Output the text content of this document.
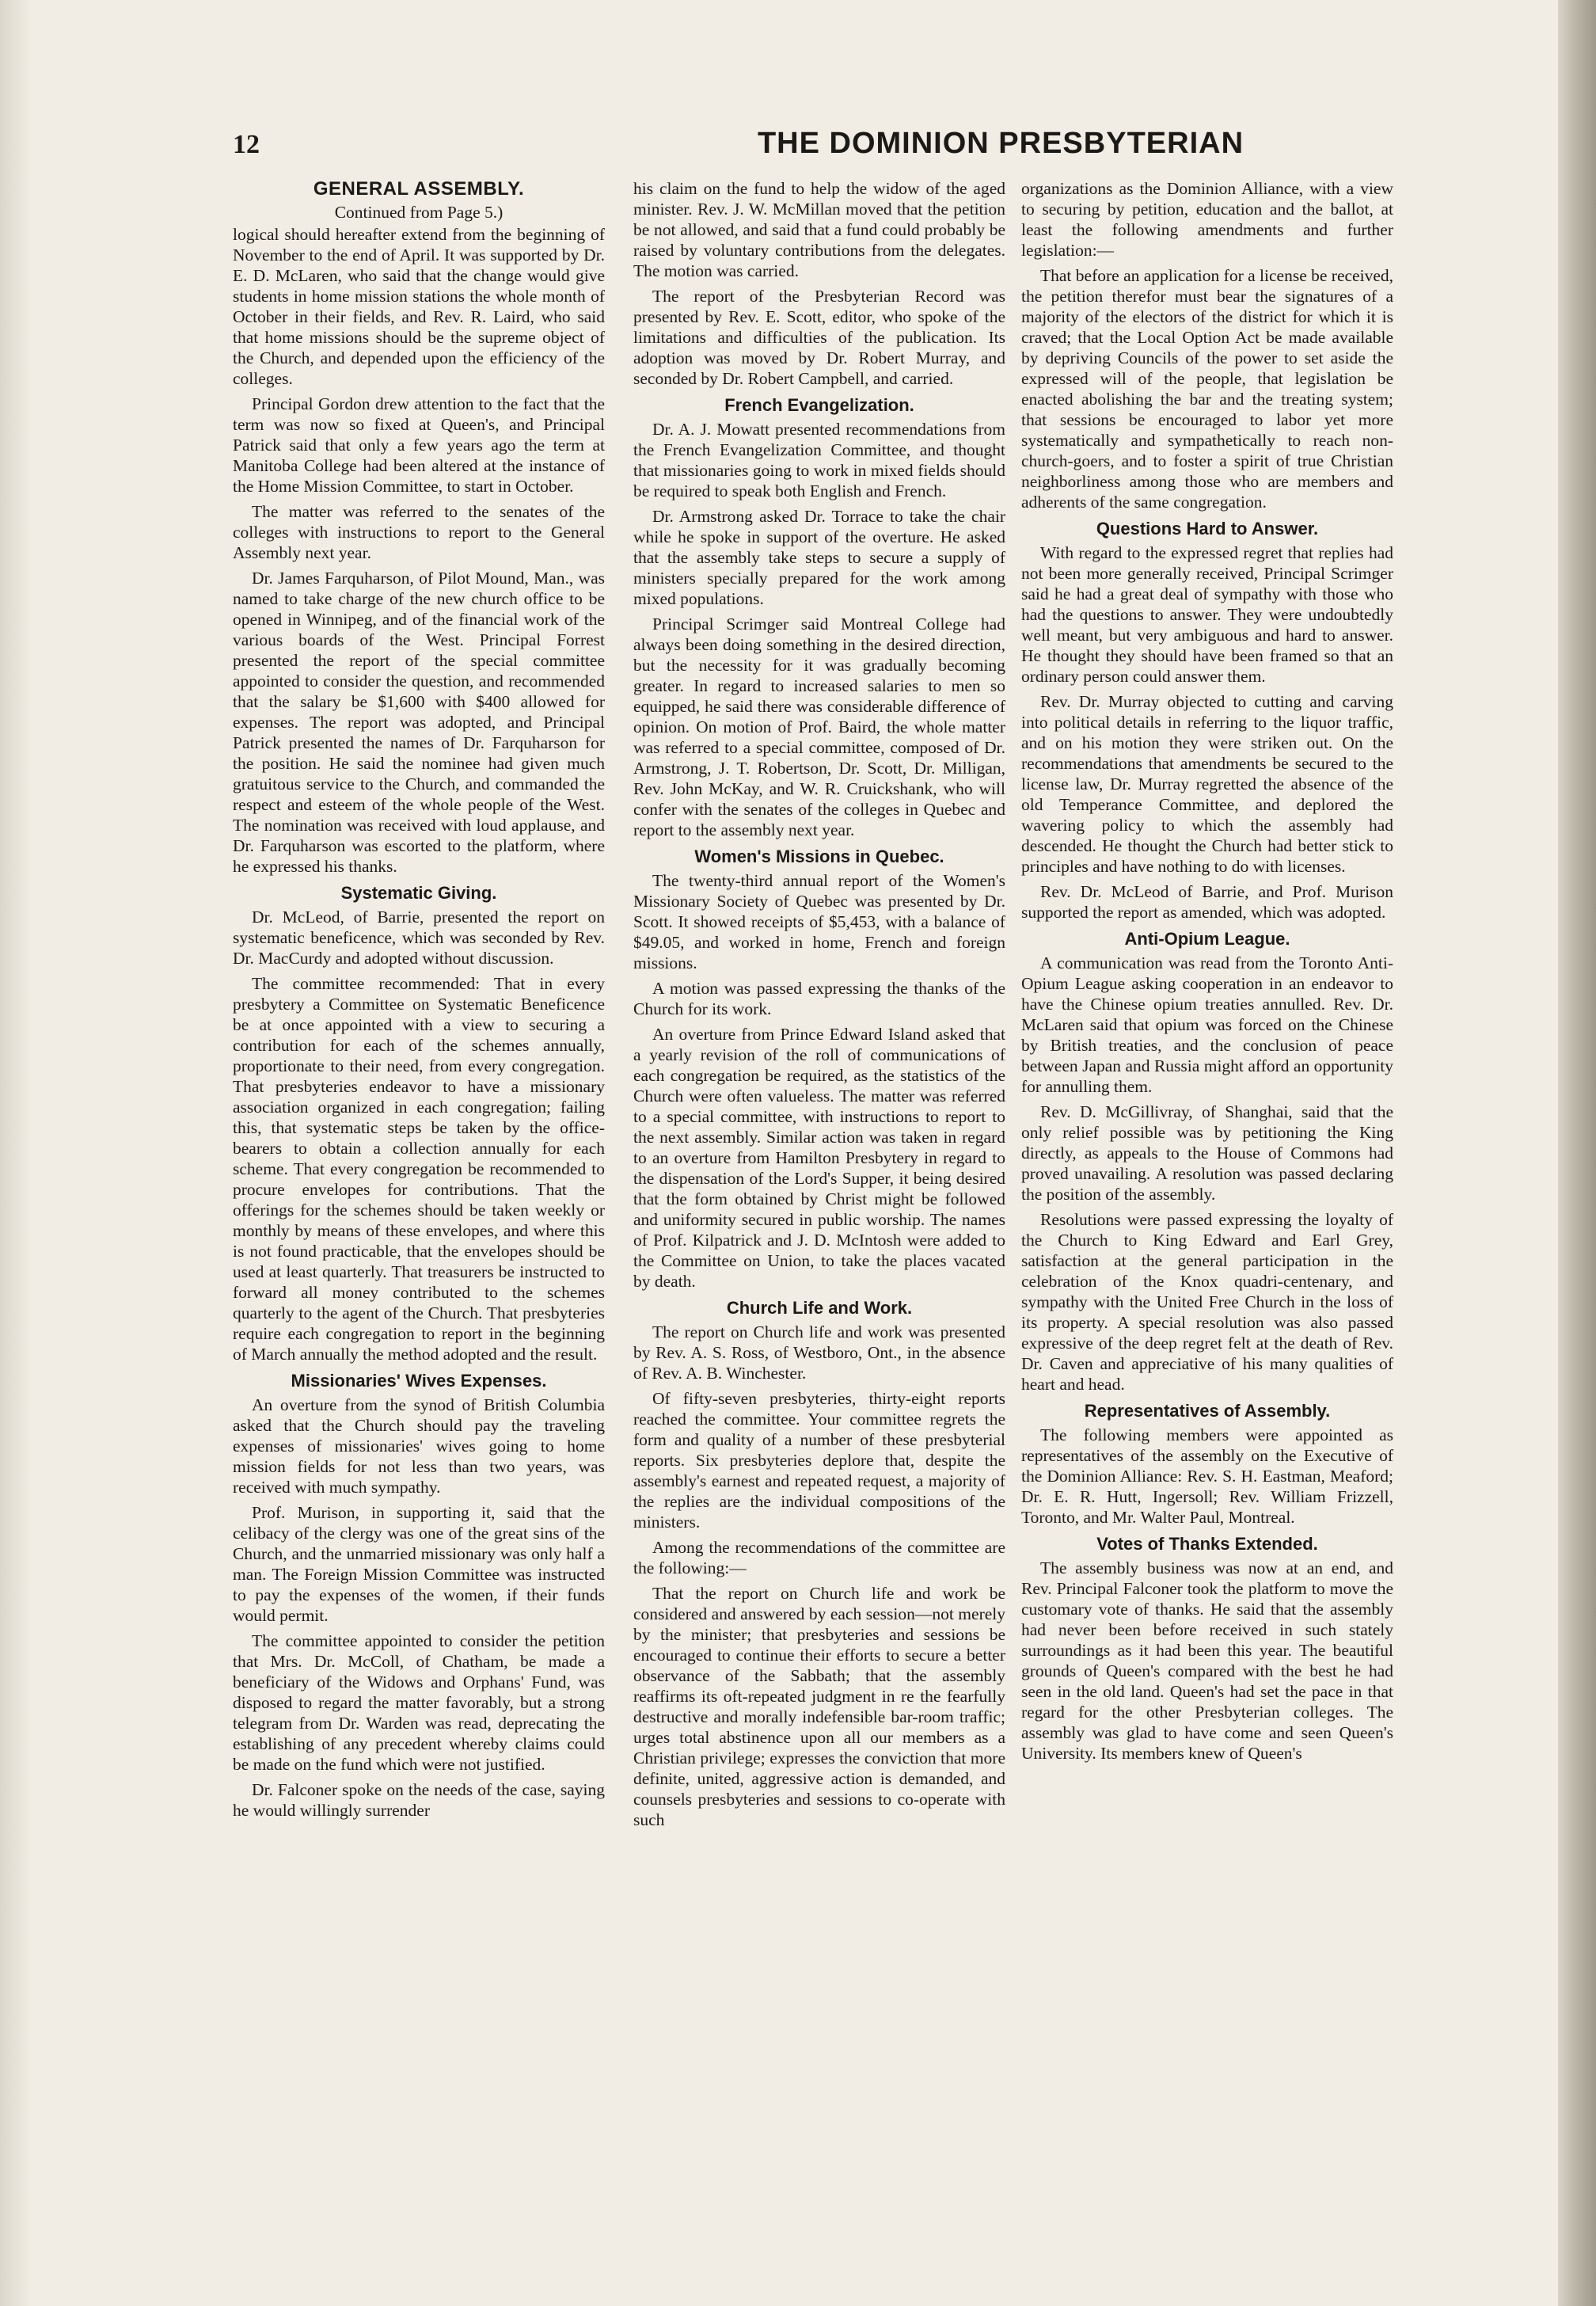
12	THE DOMINION PRESBYTERIAN
GENERAL ASSEMBLY.
Continued from Page 5.)

logical should hereafter extend from the beginning of November to the end of April. It was supported by Dr. E. D. McLaren, who said that the change would give students in home mission stations the whole month of October in their fields, and Rev. R. Laird, who said that home missions should be the supreme object of the Church, and depended upon the efficiency of the colleges.

Principal Gordon drew attention to the fact that the term was now so fixed at Queen's, and Principal Patrick said that only a few years ago the term at Manitoba College had been altered at the instance of the Home Mission Committee, to start in October.

The matter was referred to the senates of the colleges with instructions to report to the General Assembly next year.

Dr. James Farquharson, of Pilot Mound, Man., was named to take charge of the new church office to be opened in Winnipeg, and of the financial work of the various boards of the West. Principal Forrest presented the report of the special committee appointed to consider the question, and recommended that the salary be $1,600 with $400 allowed for expenses. The report was adopted, and Principal Patrick presented the names of Dr. Farquharson for the position. He said the nominee had given much gratuitous service to the Church, and commanded the respect and esteem of the whole people of the West. The nomination was received with loud applause, and Dr. Farquharson was escorted to the platform, where he expressed his thanks.

Systematic Giving.

Dr. McLeod, of Barrie, presented the report on systematic beneficence, which was seconded by Rev. Dr. MacCurdy and adopted without discussion.

The committee recommended: That in every presbytery a Committee on Systematic Beneficence be at once appointed with a view to securing a contribution for each of the schemes annually, proportionate to their need, from every congregation. That presbyteries endeavor to have a missionary association organized in each congregation; failing this, that systematic steps be taken by the office-bearers to obtain a collection annually for each scheme. That every congregation be recommended to procure envelopes for contributions. That the offerings for the schemes should be taken weekly or monthly by means of these envelopes, and where this is not found practicable, that the envelopes should be used at least quarterly. That treasurers be instructed to forward all money contributed to the schemes quarterly to the agent of the Church. That presbyteries require each congregation to report in the beginning of March annually the method adopted and the result.

Missionaries' Wives Expenses.

An overture from the synod of British Columbia asked that the Church should pay the traveling expenses of missionaries' wives going to home mission fields for not less than two years, was received with much sympathy.

Prof. Murison, in supporting it, said that the celibacy of the clergy was one of the great sins of the Church, and the unmarried missionary was only half a man. The Foreign Mission Committee was instructed to pay the expenses of the women, if their funds would permit.

The committee appointed to consider the petition that Mrs. Dr. McColl, of Chatham, be made a beneficiary of the Widows and Orphans' Fund, was disposed to regard the matter favorably, but a strong telegram from Dr. Warden was read, deprecating the establishing of any precedent whereby claims could be made on the fund which were not justified.

Dr. Falconer spoke on the needs of the case, saying he would willingly surrender

his claim on the fund to help the widow of the aged minister. Rev. J. W. McMillan moved that the petition be not allowed, and said that a fund could probably be raised by voluntary contributions from the delegates. The motion was carried.

The report of the Presbyterian Record was presented by Rev. E. Scott, editor, who spoke of the limitations and difficulties of the publication. Its adoption was moved by Dr. Robert Murray, and seconded by Dr. Robert Campbell, and carried.

French Evangelization.

Dr. A. J. Mowatt presented recommendations from the French Evangelization Committee, and thought that missionaries going to work in mixed fields should be required to speak both English and French.

Dr. Armstrong asked Dr. Torrace to take the chair while he spoke in support of the overture. He asked that the assembly take steps to secure a supply of ministers specially prepared for the work among mixed populations.

Principal Scrimger said Montreal College had always been doing something in the desired direction, but the necessity for it was gradually becoming greater. In regard to increased salaries to men so equipped, he said there was considerable difference of opinion. On motion of Prof. Baird, the whole matter was referred to a special committee, composed of Dr. Armstrong, J. T. Robertson, Dr. Scott, Dr. Milligan, Rev. John McKay, and W. R. Cruickshank, who will confer with the senates of the colleges in Quebec and report to the assembly next year.

Women's Missions in Quebec.

The twenty-third annual report of the Women's Missionary Society of Quebec was presented by Dr. Scott. It showed receipts of $5,453, with a balance of $49.05, and worked in home, French and foreign missions.

A motion was passed expressing the thanks of the Church for its work.

An overture from Prince Edward Island asked that a yearly revision of the roll of communications of each congregation be required, as the statistics of the Church were often valueless. The matter was referred to a special committee, with instructions to report to the next assembly. Similar action was taken in regard to an overture from Hamilton Presbytery in regard to the dispensation of the Lord's Supper, it being desired that the form obtained by Christ might be followed and uniformity secured in public worship. The names of Prof. Kilpatrick and J. D. McIntosh were added to the Committee on Union, to take the places vacated by death.

Church Life and Work.

The report on Church life and work was presented by Rev. A. S. Ross, of Westboro, Ont., in the absence of Rev. A. B. Winchester.

Of fifty-seven presbyteries, thirty-eight reports reached the committee. Your committee regrets the form and quality of a number of these presbyterial reports. Six presbyteries deplore that, despite the assembly's earnest and repeated request, a majority of the replies are the individual compositions of the ministers.

Among the recommendations of the committee are the following:—

That the report on Church life and work be considered and answered by each session—not merely by the minister; that presbyteries and sessions be encouraged to continue their efforts to secure a better observance of the Sabbath; that the assembly reaffirms its oft-repeated judgment in re the fearfully destructive and morally indefensible bar-room traffic; urges total abstinence upon all our members as a Christian privilege; expresses the conviction that more definite, united, aggressive action is demanded, and counsels presbyteries and sessions to co-operate with such

organizations as the Dominion Alliance, with a view to securing by petition, education and the ballot, at least the following amendments and further legislation:—

That before an application for a license be received, the petition therefor must bear the signatures of a majority of the electors of the district for which it is craved; that the Local Option Act be made available by depriving Councils of the power to set aside the expressed will of the people, that legislation be enacted abolishing the bar and the treating system; that sessions be encouraged to labor yet more systematically and sympathetically to reach non-church-goers, and to foster a spirit of true Christian neighborliness among those who are members and adherents of the same congregation.

Questions Hard to Answer.

With regard to the expressed regret that replies had not been more generally received, Principal Scrimger said he had a great deal of sympathy with those who had the questions to answer. They were undoubtedly well meant, but very ambiguous and hard to answer. He thought they should have been framed so that an ordinary person could answer them.

Rev. Dr. Murray objected to cutting and carving into political details in referring to the liquor traffic, and on his motion they were striken out. On the recommendations that amendments be secured to the license law, Dr. Murray regretted the absence of the old Temperance Committee, and deplored the wavering policy to which the assembly had descended. He thought the Church had better stick to principles and have nothing to do with licenses.

Rev. Dr. McLeod of Barrie, and Prof. Murison supported the report as amended, which was adopted.

Anti-Opium League.

A communication was read from the Toronto Anti-Opium League asking cooperation in an endeavor to have the Chinese opium treaties annulled. Rev. Dr. McLaren said that opium was forced on the Chinese by British treaties, and the conclusion of peace between Japan and Russia might afford an opportunity for annulling them.

Rev. D. McGillivray, of Shanghai, said that the only relief possible was by petitioning the King directly, as appeals to the House of Commons had proved unavailing. A resolution was passed declaring the position of the assembly.

Resolutions were passed expressing the loyalty of the Church to King Edward and Earl Grey, satisfaction at the general participation in the celebration of the Knox quadri-centenary, and sympathy with the United Free Church in the loss of its property. A special resolution was also passed expressive of the deep regret felt at the death of Rev. Dr. Caven and appreciative of his many qualities of heart and head.

Representatives of Assembly.

The following members were appointed as representatives of the assembly on the Executive of the Dominion Alliance: Rev. S. H. Eastman, Meaford; Dr. E. R. Hutt, Ingersoll; Rev. William Frizzell, Toronto, and Mr. Walter Paul, Montreal.

Votes of Thanks Extended.

The assembly business was now at an end, and Rev. Principal Falconer took the platform to move the customary vote of thanks. He said that the assembly had never been before received in such stately surroundings as it had been this year. The beautiful grounds of Queen's compared with the best he had seen in the old land. Queen's had set the pace in that regard for the other Presbyterian colleges. The assembly was glad to have come and seen Queen's University. Its members knew of Queen's
